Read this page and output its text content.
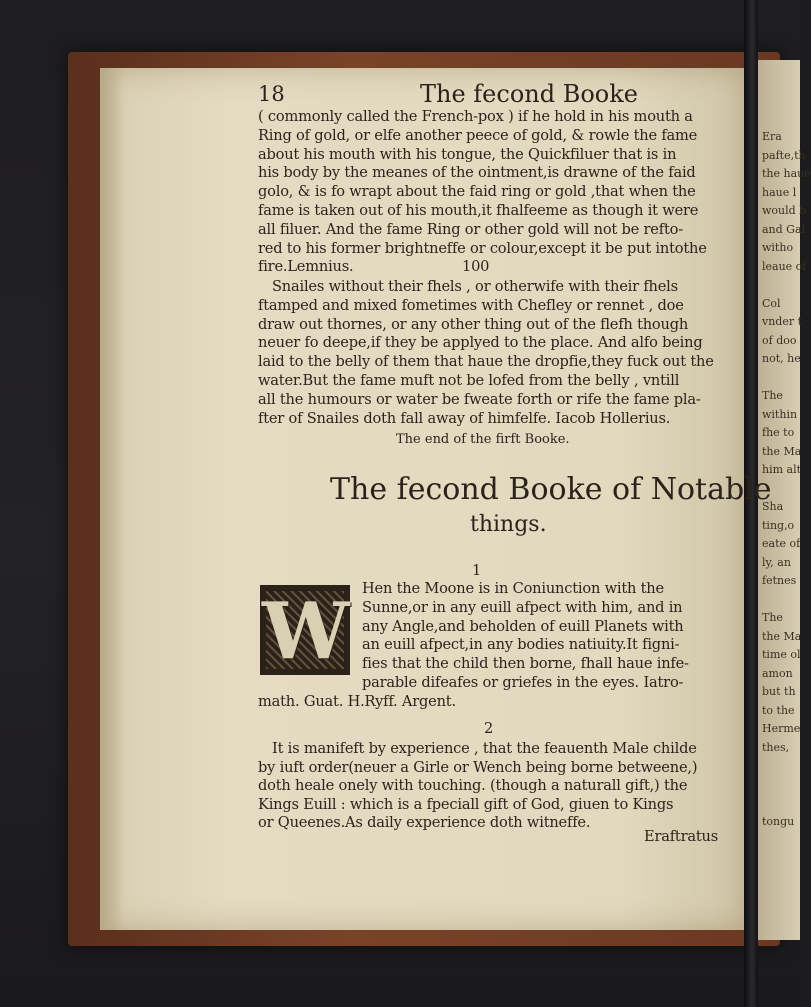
Era
pafte,th
the haue
haue l
would b
and Gal
witho
leaue of
Col
vnder t
of doo
not, he
The
within
fhe to
the Ma
him alt
Sha
ting,o
eate of
ly, an
fetnes
The
the Ma
time ol
amon
but th
to the
Herme
thes,
tongu
18	The fecond Booke
( commonly called the French-pox ) if he hold in his mouth a
Ring of gold, or elfe another peece of gold, & rowle the fame
about his mouth with his tongue, the Quickfiluer that is in
his body by the meanes of the ointment,is drawne of the faid
golo, & is fo wrapt about the faid ring or gold ,that when the
fame is taken out of his mouth,it fhalfeeme as though it were
all filuer. And the fame Ring or other gold will not be refto-
red to his former brightneffe or colour,except it be put intothe
fire.Lemnius.	100
Snailes without their fhels , or otherwife with their fhels
ftamped and mixed fometimes with Chefley or rennet , doe
draw out thornes, or any other thing out of the flefh though
neuer fo deepe,if they be applyed to the place. And alfo being
laid to the belly of them that haue the dropfie,they fuck out the
water.But the fame muft not be lofed from the belly , vntill
all the humours or water be fweate forth or rife the fame pla-
fter of Snailes doth fall away of himfelfe. Iacob Hollerius.
The end of the firft Booke.
The fecond Booke of Notable
things.
1
W Hen the Moone is in Coniunction with the
Sunne,or in any euill afpect with him, and in
any Angle,and beholden of euill Planets with
an euill afpect,in any bodies natiuity.It figni-
fies that the child then borne, fhall haue infe-
parable difeafes or griefes in the eyes. Iatro-
math. Guat. H.Ryff. Argent.
2
It is manifeft by experience , that the feauenth Male childe
by iuft order(neuer a Girle or Wench being borne betweene,)
doth heale onely with touching. (though a naturall gift,) the
Kings Euill : which is a fpeciall gift of God, giuen to Kings
or Queenes.As daily experience doth witneffe.
Eraftratus
